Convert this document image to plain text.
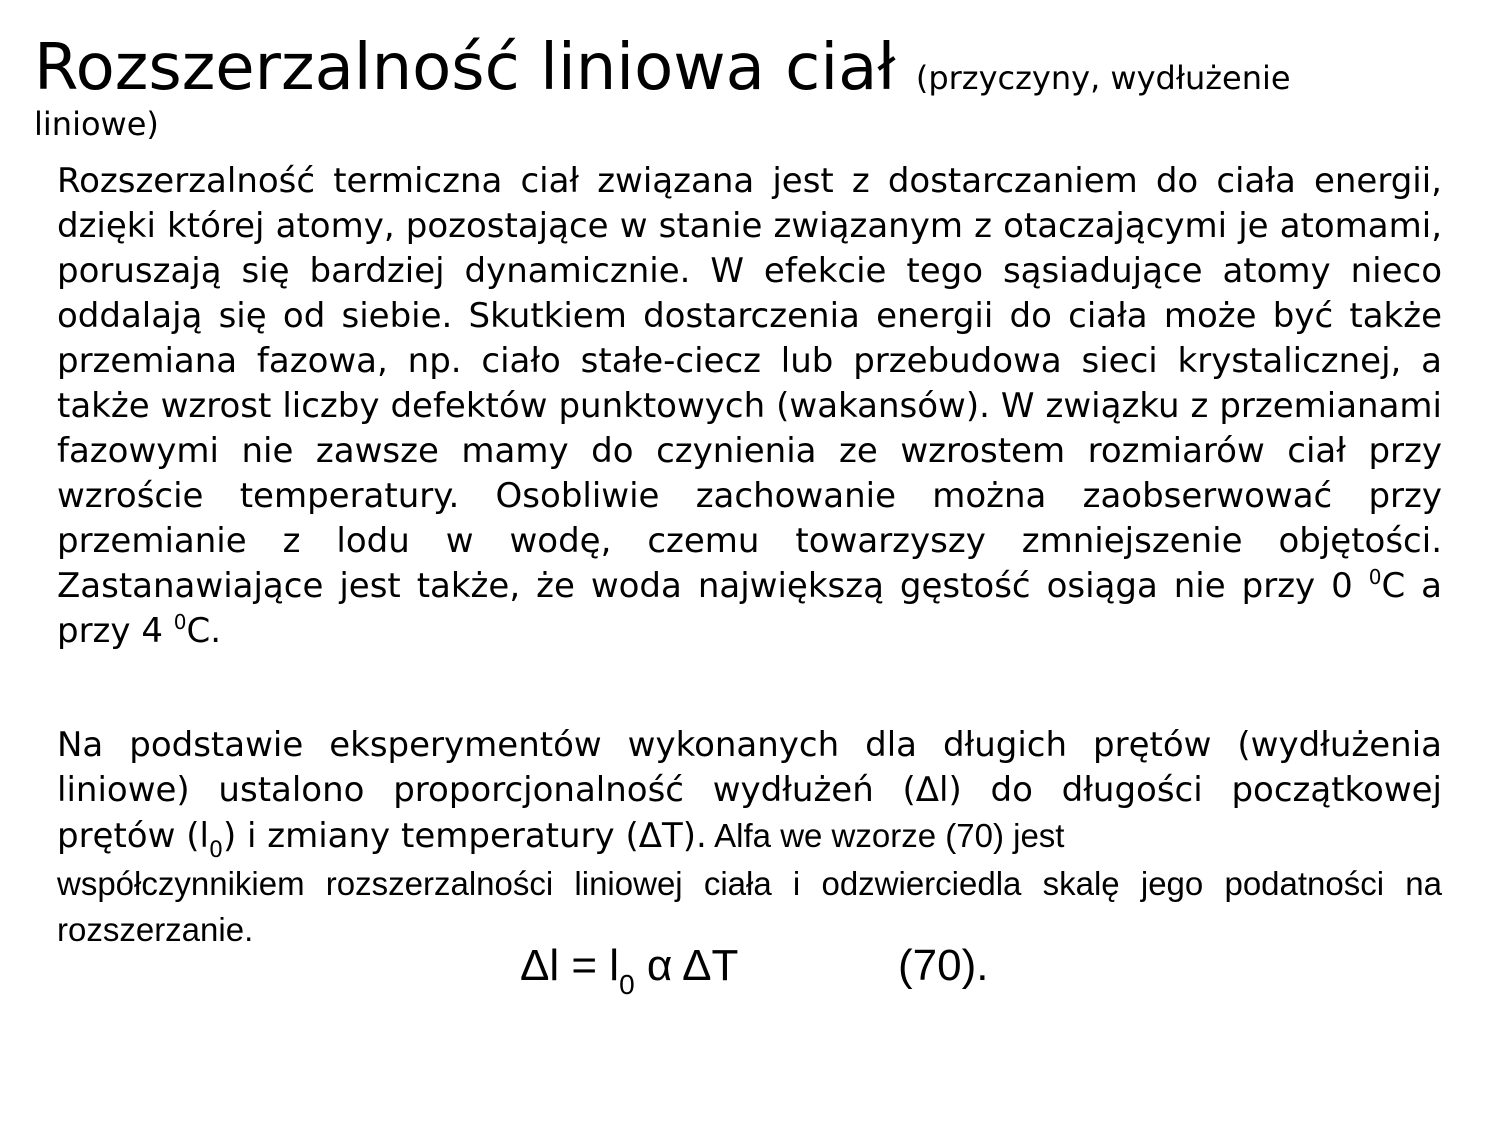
Rozszerzalność liniowa ciał (przyczyny, wydłużenie
liniowe)

Rozszerzalność termiczna ciał związana jest z dostarczaniem do ciała energii, dzięki której atomy, pozostające w stanie związanym z otaczającymi je atomami, poruszają się bardziej dynamicznie. W efekcie tego sąsiadujące atomy nieco oddalają się od siebie. Skutkiem dostarczenia energii do ciała może być także przemiana fazowa, np. ciało stałe-ciecz lub przebudowa sieci krystalicznej, a także wzrost liczby defektów punktowych (wakansów). W związku z przemianami fazowymi nie zawsze mamy do czynienia ze wzrostem rozmiarów ciał przy wzroście temperatury. Osobliwie zachowanie można zaobserwować przy przemianie z lodu w wodę, czemu towarzyszy zmniejszenie objętości. Zastanawiające jest także, że woda największą gęstość osiąga nie przy 0 $^0$C a przy 4 $^0$C.

Na podstawie eksperymentów wykonanych dla długich prętów (wydłużenia liniowe) ustalono proporcjonalność wydłużeń (Δl) do długości początkowej prętów $(l_0)$ i zmiany temperatury (ΔT). Alfa we wzorze (70) jest
współczynnikiem rozszerzalności liniowej ciała i odzwierciedla skalę jego podatności na rozszerzanie.

$\Delta l = l_0$ α ΔT	(70).
